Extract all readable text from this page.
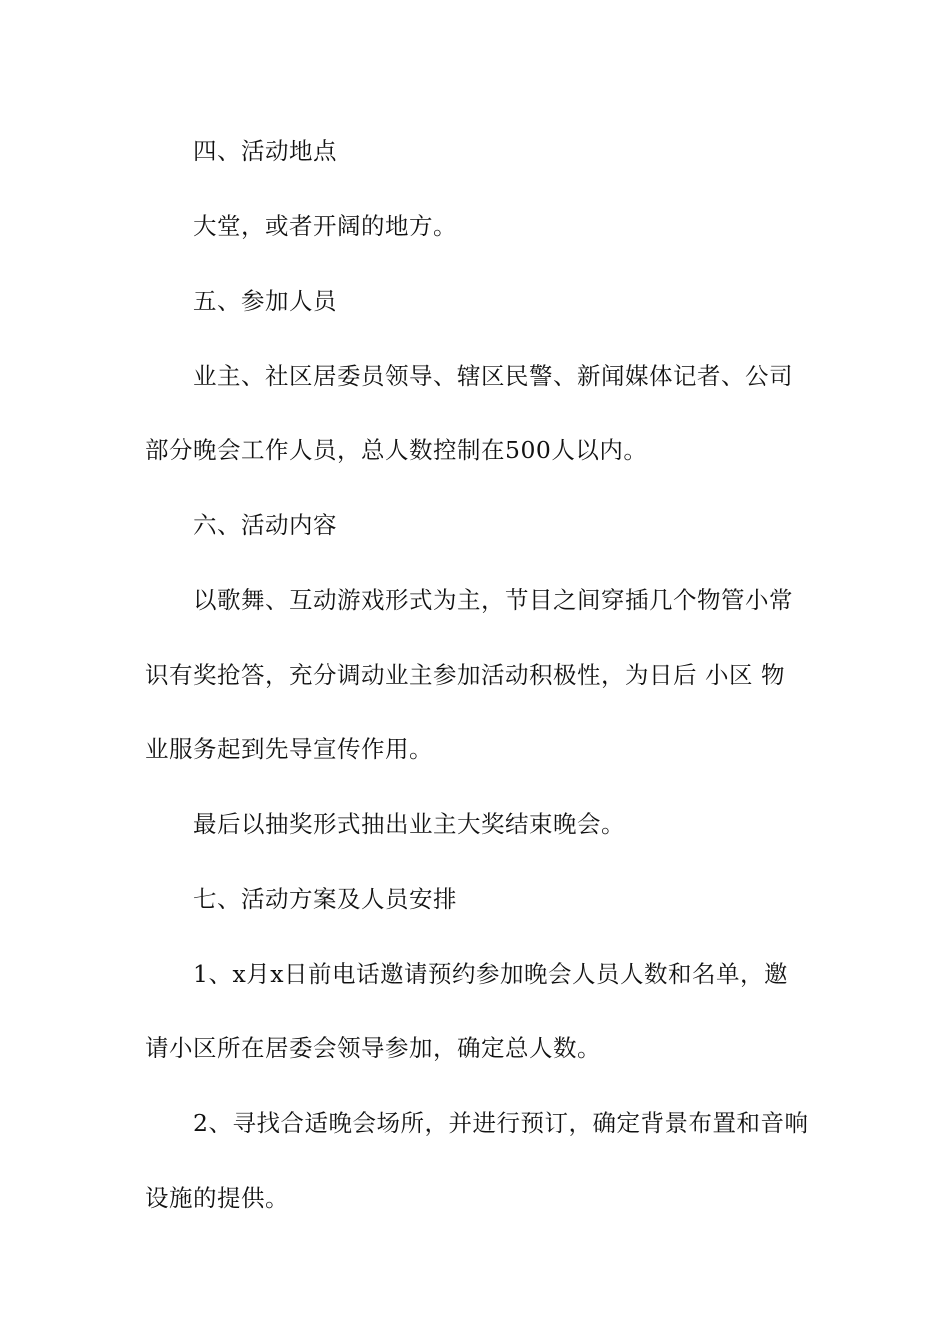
四、活动地点
大堂，或者开阔的地方。
五、参加人员
业主、社区居委员领导、辖区民警、新闻媒体记者、公司
部分晚会工作人员，总人数控制在500人以内。
六、活动内容
以歌舞、互动游戏形式为主，节目之间穿插几个物管小常
识有奖抢答，充分调动业主参加活动积极性，为日后 小区 物
业服务起到先导宣传作用。
最后以抽奖形式抽出业主大奖结束晚会。
七、活动方案及人员安排
1、x月x日前电话邀请预约参加晚会人员人数和名单，邀
请小区所在居委会领导参加，确定总人数。
2、寻找合适晚会场所，并进行预订，确定背景布置和音响
设施的提供。
